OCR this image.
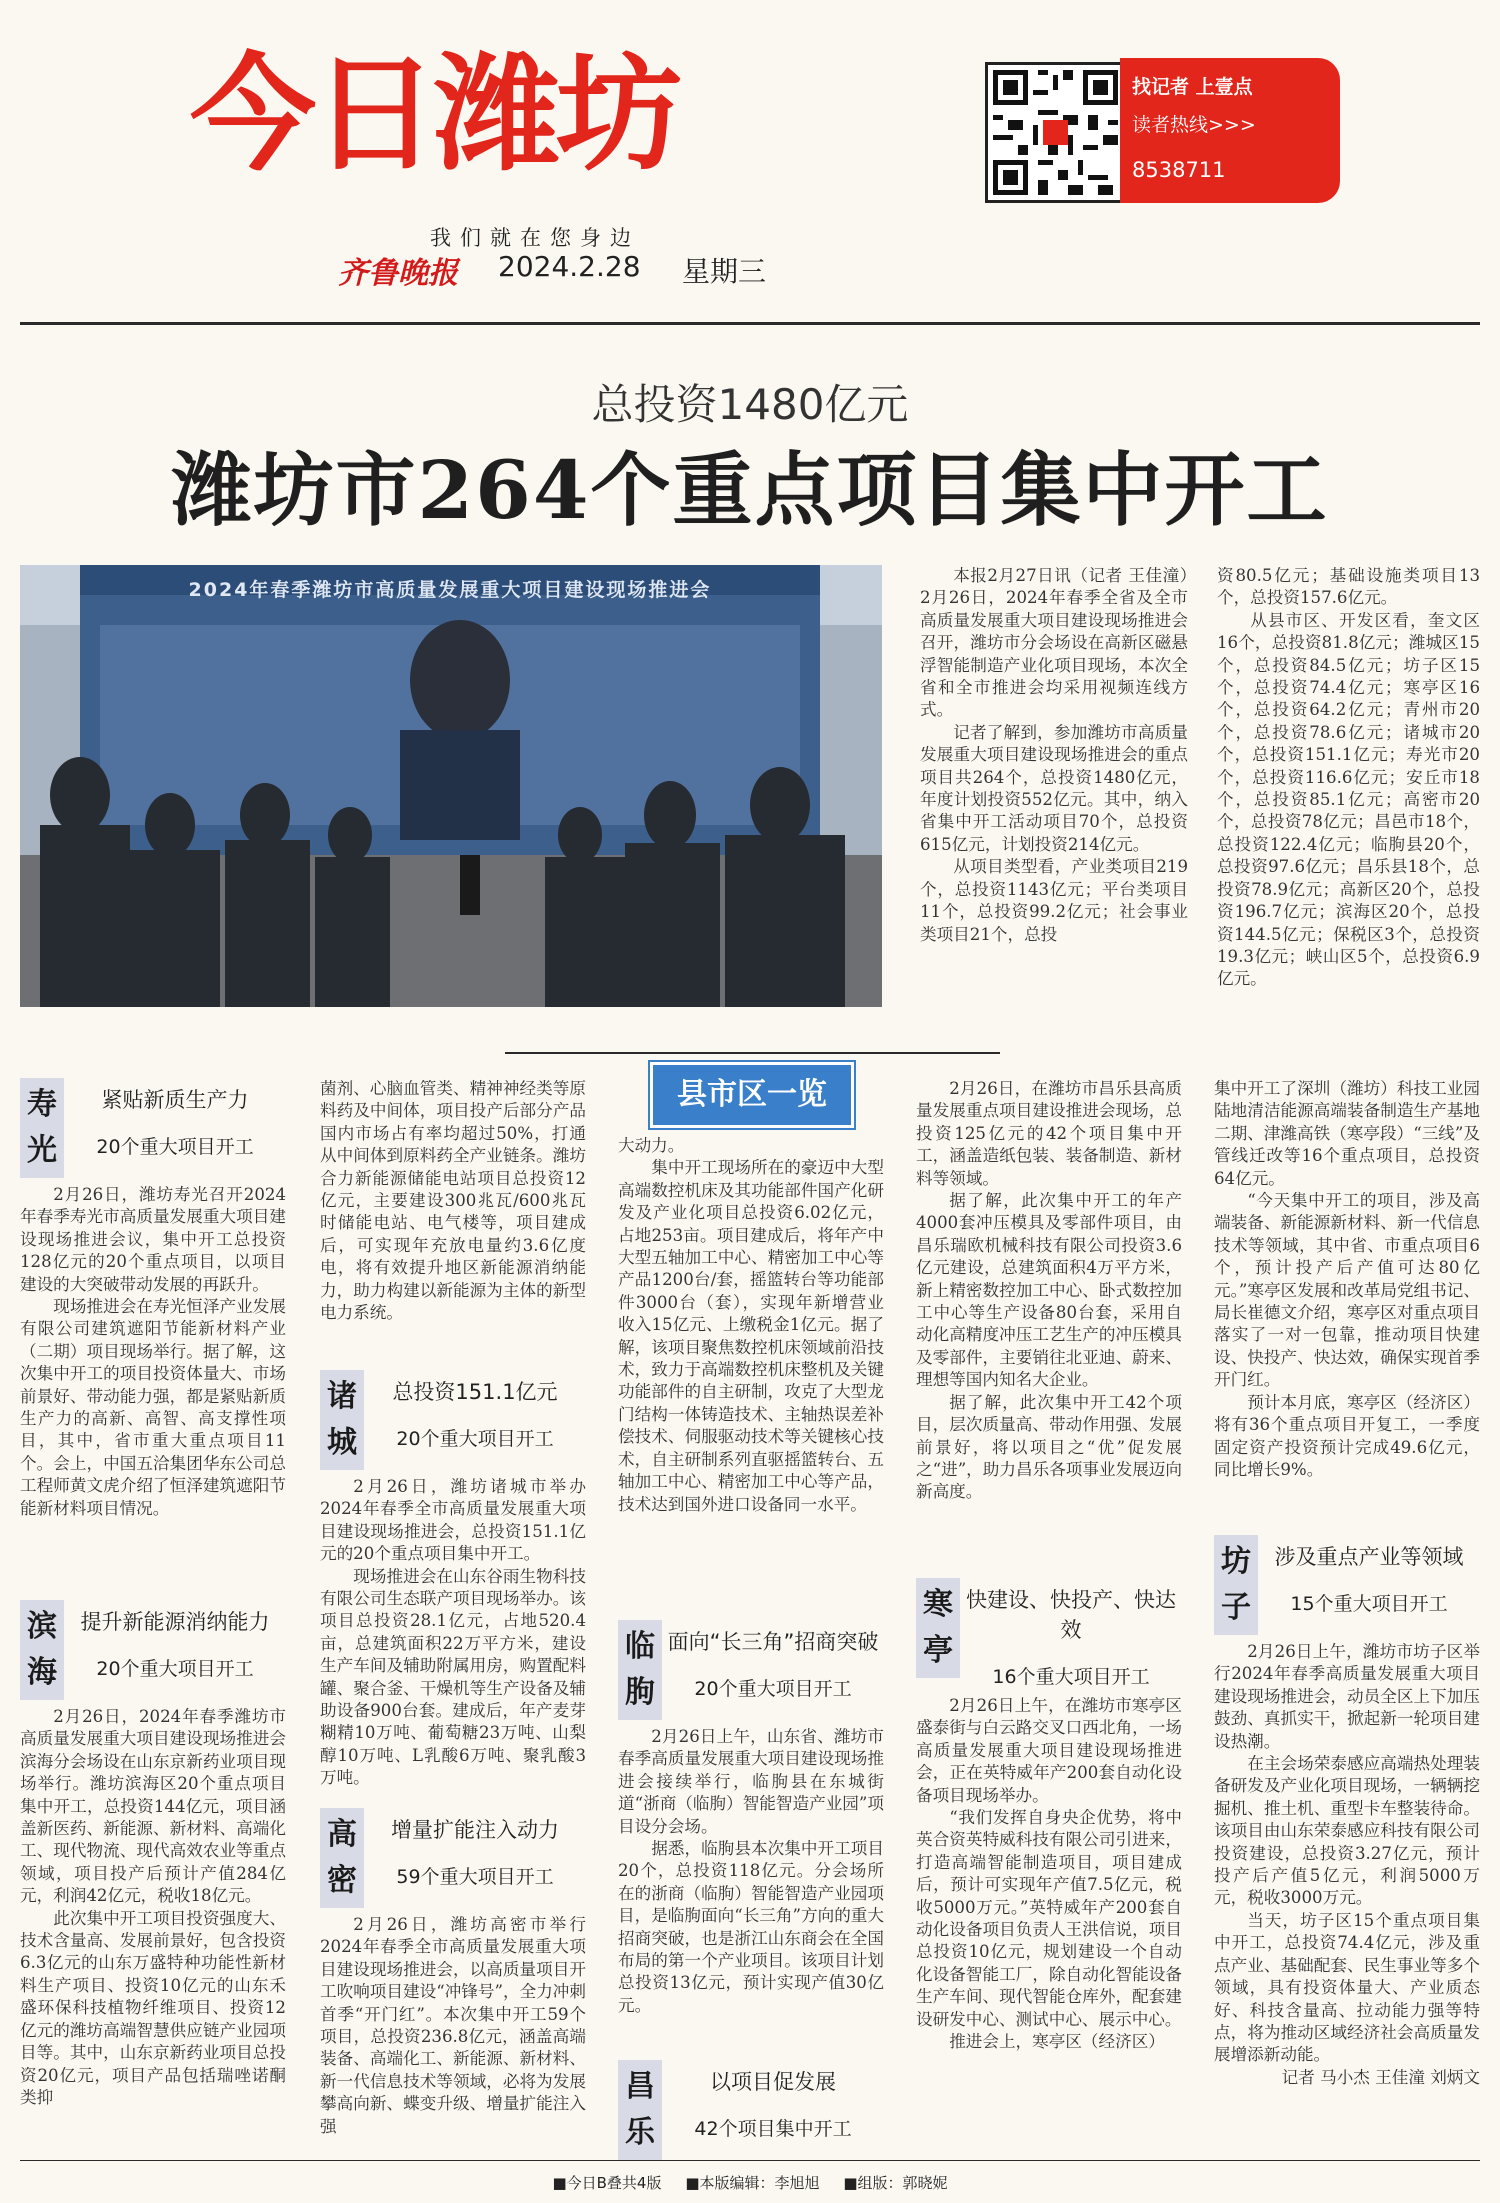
今日潍坊
我们就在您身边
齐鲁晚报 2024.2.28 星期三
找记者 上壹点
读者热线>>>
8538711
总投资1480亿元
潍坊市264个重点项目集中开工
2024年春季潍坊市高质量发展重大项目建设现场推进会

本报2月27日讯（记者 王佳潼）2月26日，2024年春季全省及全市高质量发展重大项目建设现场推进会召开，潍坊市分会场设在高新区磁悬浮智能制造产业化项目现场，本次全省和全市推进会均采用视频连线方式。

记者了解到，参加潍坊市高质量发展重大项目建设现场推进会的重点项目共264个，总投资1480亿元，年度计划投资552亿元。其中，纳入省集中开工活动项目70个，总投资615亿元，计划投资214亿元。

从项目类型看，产业类项目219个，总投资1143亿元；平台类项目11个，总投资99.2亿元；社会事业类项目21个，总投

资80.5亿元；基础设施类项目13个，总投资157.6亿元。

从县市区、开发区看，奎文区16个，总投资81.8亿元；潍城区15个，总投资84.5亿元；坊子区15个，总投资74.4亿元；寒亭区16个，总投资64.2亿元；青州市20个，总投资78.6亿元；诸城市20个，总投资151.1亿元；寿光市20个，总投资116.6亿元；安丘市18个，总投资85.1亿元；高密市20个，总投资78亿元；昌邑市18个，总投资122.4亿元；临朐县20个，总投资97.6亿元；昌乐县18个，总投资78.9亿元；高新区20个，总投资196.7亿元；滨海区20个，总投资144.5亿元；保税区3个，总投资19.3亿元；峡山区5个，总投资6.9亿元。

县市区一览
寿光
紧贴新质生产力
20个重大项目开工

2月26日，潍坊寿光召开2024年春季寿光市高质量发展重大项目建设现场推进会议，集中开工总投资128亿元的20个重点项目，以项目建设的大突破带动发展的再跃升。

现场推进会在寿光恒泽产业发展有限公司建筑遮阳节能新材料产业（二期）项目现场举行。据了解，这次集中开工的项目投资体量大、市场前景好、带动能力强，都是紧贴新质生产力的高新、高智、高支撑性项目，其中，省市重大重点项目11个。会上，中国五洽集团华东公司总工程师黄文虎介绍了恒泽建筑遮阳节能新材料项目情况。

滨海
提升新能源消纳能力
20个重大项目开工

2月26日，2024年春季潍坊市高质量发展重大项目建设现场推进会滨海分会场设在山东京新药业项目现场举行。潍坊滨海区20个重点项目集中开工，总投资144亿元，项目涵盖新医药、新能源、新材料、高端化工、现代物流、现代高效农业等重点领域，项目投产后预计产值284亿元，利润42亿元，税收18亿元。

此次集中开工项目投资强度大、技术含量高、发展前景好，包含投资6.3亿元的山东万盛特种功能性新材料生产项目、投资10亿元的山东禾盛环保科技植物纤维项目、投资12亿元的潍坊高端智慧供应链产业园项目等。其中，山东京新药业项目总投资20亿元，项目产品包括瑞唑诺酮类抑

菌剂、心脑血管类、精神神经类等原料药及中间体，项目投产后部分产品国内市场占有率均超过50%，打通从中间体到原料药全产业链条。潍坊合力新能源储能电站项目总投资12亿元，主要建设300兆瓦/600兆瓦时储能电站、电气楼等，项目建成后，可实现年充放电量约3.6亿度电，将有效提升地区新能源消纳能力，助力构建以新能源为主体的新型电力系统。

诸城
总投资151.1亿元
20个重大项目开工

2月26日，潍坊诸城市举办2024年春季全市高质量发展重大项目建设现场推进会，总投资151.1亿元的20个重点项目集中开工。

现场推进会在山东谷雨生物科技有限公司生态联产项目现场举办。该项目总投资28.1亿元，占地520.4亩，总建筑面积22万平方米，建设生产车间及辅助附属用房，购置配料罐、聚合釜、干燥机等生产设备及辅助设备900台套。建成后，年产麦芽糊精10万吨、葡萄糖23万吨、山梨醇10万吨、L乳酸6万吨、聚乳酸3万吨。

高密
增量扩能注入动力
59个重大项目开工

2月26日，潍坊高密市举行2024年春季全市高质量发展重大项目建设现场推进会，以高质量项目开工吹响项目建设“冲锋号”，全力冲刺首季“开门红”。本次集中开工59个项目，总投资236.8亿元，涵盖高端装备、高端化工、新能源、新材料、新一代信息技术等领域，必将为发展攀高向新、蝶变升级、增量扩能注入强

大动力。

集中开工现场所在的豪迈中大型高端数控机床及其功能部件国产化研发及产业化项目总投资6.02亿元，占地253亩。项目建成后，将年产中大型五轴加工中心、精密加工中心等产品1200台/套，摇篮转台等功能部件3000台（套），实现年新增营业收入15亿元、上缴税金1亿元。据了解，该项目聚焦数控机床领域前沿技术，致力于高端数控机床整机及关键功能部件的自主研制，攻克了大型龙门结构一体铸造技术、主轴热误差补偿技术、伺服驱动技术等关键核心技术，自主研制系列直驱摇篮转台、五轴加工中心、精密加工中心等产品，技术达到国外进口设备同一水平。

临朐
面向“长三角”招商突破
20个重大项目开工

2月26日上午，山东省、潍坊市春季高质量发展重大项目建设现场推进会接续举行，临朐县在东城街道“浙商（临朐）智能智造产业园”项目设分会场。

据悉，临朐县本次集中开工项目20个，总投资118亿元。分会场所在的浙商（临朐）智能智造产业园项目，是临朐面向“长三角”方向的重大招商突破，也是浙江山东商会在全国布局的第一个产业项目。该项目计划总投资13亿元，预计实现产值30亿元。

昌乐
以项目促发展
42个项目集中开工

2月26日，在潍坊市昌乐县高质量发展重点项目建设推进会现场，总投资125亿元的42个项目集中开工，涵盖造纸包装、装备制造、新材料等领域。

据了解，此次集中开工的年产4000套冲压模具及零部件项目，由昌乐瑞欧机械科技有限公司投资3.6亿元建设，总建筑面积4万平方米，新上精密数控加工中心、卧式数控加工中心等生产设备80台套，采用自动化高精度冲压工艺生产的冲压模具及零部件，主要销往北亚迪、蔚来、理想等国内知名大企业。

据了解，此次集中开工42个项目，层次质量高、带动作用强、发展前景好，将以项目之“优”促发展之“进”，助力昌乐各项事业发展迈向新高度。

寒亭
快建设、快投产、快达效
16个重大项目开工

2月26日上午，在潍坊市寒亭区盛泰街与白云路交叉口西北角，一场高质量发展重大项目建设现场推进会，正在英特威年产200套自动化设备项目现场举办。

“我们发挥自身央企优势，将中英合资英特威科技有限公司引进来，打造高端智能制造项目，项目建成后，预计可实现年产值7.5亿元，税收5000万元。”英特威年产200套自动化设备项目负责人王洪信说，项目总投资10亿元，规划建设一个自动化设备智能工厂，除自动化智能设备生产车间、现代智能仓库外，配套建设研发中心、测试中心、展示中心。

推进会上，寒亭区（经济区）

集中开工了深圳（潍坊）科技工业园陆地清洁能源高端装备制造生产基地二期、津潍高铁（寒亭段）“三线”及管线迁改等16个重点项目，总投资64亿元。

“今天集中开工的项目，涉及高端装备、新能源新材料、新一代信息技术等领域，其中省、市重点项目6个，预计投产后产值可达80亿元。”寒亭区发展和改革局党组书记、局长崔德文介绍，寒亭区对重点项目落实了一对一包靠，推动项目快建设、快投产、快达效，确保实现首季开门红。

预计本月底，寒亭区（经济区）将有36个重点项目开复工，一季度固定资产投资预计完成49.6亿元，同比增长9%。

坊子
涉及重点产业等领域
15个重大项目开工

2月26日上午，潍坊市坊子区举行2024年春季高质量发展重大项目建设现场推进会，动员全区上下加压鼓劲、真抓实干，掀起新一轮项目建设热潮。

在主会场荣泰感应高端热处理装备研发及产业化项目现场，一辆辆挖掘机、推土机、重型卡车整装待命。该项目由山东荣泰感应科技有限公司投资建设，总投资3.27亿元，预计投产后产值5亿元，利润5000万元，税收3000万元。

当天，坊子区15个重点项目集中开工，总投资74.4亿元，涉及重点产业、基础配套、民生事业等多个领域，具有投资体量大、产业质态好、科技含量高、拉动能力强等特点，将为推动区域经济社会高质量发展增添新动能。

记者 马小杰 王佳潼 刘炳文

■今日B叠共4版 ■本版编辑：李旭旭 ■组版：郭晓妮
